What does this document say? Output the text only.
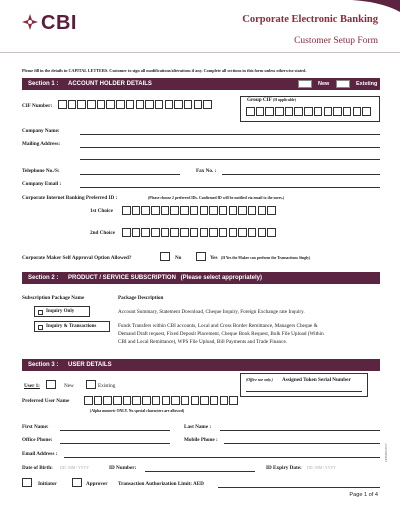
CBI	Corporate Electronic Banking
Customer Setup Form
Please fill in the details in CAPITAL LETTERS. Customer to sign all modifications/alterations if any. Complete all sections in this form unless otherwise stated.
Section 1 : ACCOUNT HOLDER DETAILS	New	Existing
CIF Number:
Group CIF (If applicable)
Company Name:
Mailing Address:
Telephone No./S:	Fax No. :
Company Email :
Corporate Internet Banking Preferred ID :	(Please choose 2 preferred IDs. Confirmed ID will be notified via email to the users.)
1st Choice
2nd Choice
Corporate Maker Self Approval Option Allowed?	No	Yes (If Yes the Maker can perform the Transactions Singly)
Section 2 : PRODUCT / SERVICE SUBSCRIPTION (Please select appropriately)
Subscription Package Name	Package Description
Inquiry Only	Account Summary, Statement Download, Cheque Inquiry, Foreign Exchange rate Inquiry.
Inquiry & Transactions	Funds Transfers within CBI accounts, Local and Cross Border Remittance, Managers Cheque &
Demand Draft request, Fixed Deposit Placement, Cheque Book Request, Bulk File Upload (Within
CBI and Local Remittance), WPS File Upload, Bill Payments and Trade Finance.
Section 3 : USER DETAILS
User 1:	New	Existing
(Office use only.) Assigned Token Serial Number
Preferred User Name
(Alpha numeric ONLY. No special characters are allowed)
First Name:	Last Name :
Office Phone:	Mobile Phone :
Email Address :
Date of Birth: DD / MM / YYYY	ID Number:	ID Expiry Date: DD / MM / YYYY
Initiator	Approver Transaction Authorization Limit: AED
CEB/09/2017
Page 1 of 4
